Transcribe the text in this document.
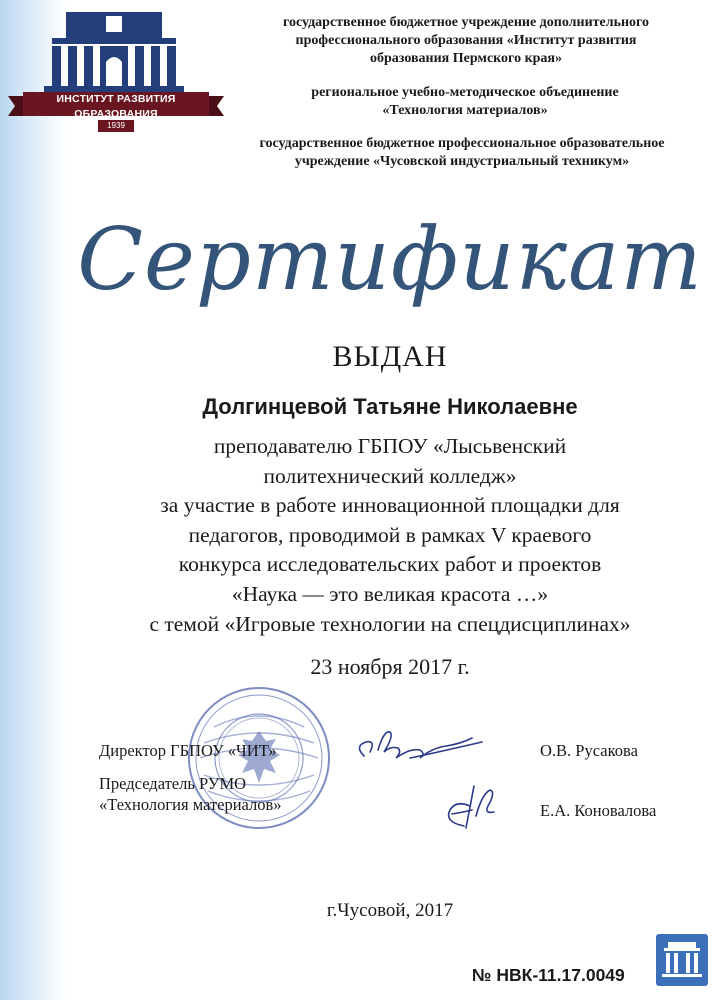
ИНСТИТУТ РАЗВИТИЯ ОБРАЗОВАНИЯ
Пермского края
1939
государственное бюджетное учреждение дополнительного
профессионального образования «Институт развития
образования Пермского края»
региональное учебно-методическое объединение
«Технология материалов»
государственное бюджетное профессиональное образовательное
учреждение «Чусовской индустриальный техникум»
Сертификат
ВЫДАН
Долгинцевой Татьяне Николаевне
преподавателю ГБПОУ «Лысьвенский
политехнический колледж»
за участие в работе инновационной площадки для
педагогов, проводимой в рамках V краевого
конкурса исследовательских работ и проектов
«Наука — это великая красота …»
с темой «Игровые технологии на спецдисциплинах»
23 ноября 2017 г.
Директор ГБПОУ «ЧИТ»	О.В. Русакова
Председатель РУМО
«Технология материалов»	Е.А. Коновалова
г.Чусовой, 2017
№ НВК-11.17.0049
